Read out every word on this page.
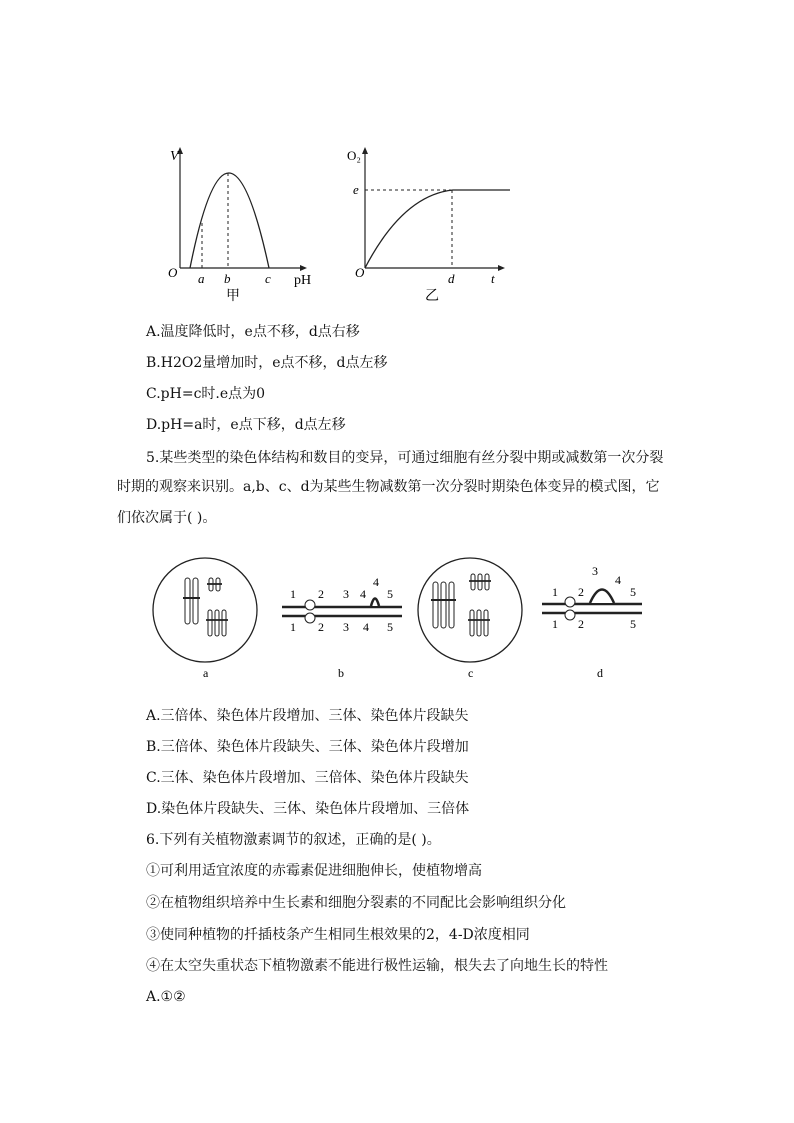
V
O a b	c pH
甲
O₂
e
O	d	t
乙
A.温度降低时，e点不移，d点右移
B.H2O2量增加时，e点不移，d点左移
C.pH=c时.e点为0
D.pH=a时，e点下移，d点左移
5.某些类型的染色体结构和数目的变异，可通过细胞有丝分裂中期或减数第一次分裂
时期的观察来识别。a,b、c、d为某些生物减数第一次分裂时期染色体变异的模式图，它
们依次属于( )。
a
1 2 3 4
4
5
1 2 3 4 5
b	c
1 2
3
4
5
1 2	5
d
A.三倍体、染色体片段增加、三体、染色体片段缺失
B.三倍体、染色体片段缺失、三体、染色体片段增加
C.三体、染色体片段增加、三倍体、染色体片段缺失
D.染色体片段缺失、三体、染色体片段增加、三倍体
6.下列有关植物激素调节的叙述，正确的是( )。
①可利用适宜浓度的赤霉素促进细胞伸长，使植物增高
②在植物组织培养中生长素和细胞分裂素的不同配比会影响组织分化
③使同种植物的扦插枝条产生相同生根效果的2，4-D浓度相同
④在太空失重状态下植物激素不能进行极性运输，根失去了向地生长的特性
A.①②
